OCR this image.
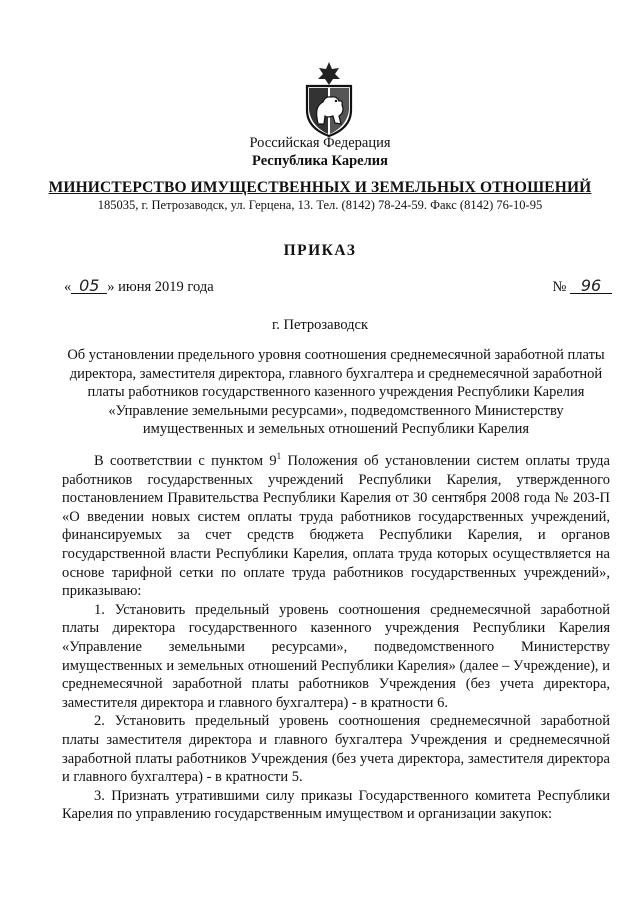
Российская Федерация
Республика Карелия
МИНИСТЕРСТВО ИМУЩЕСТВЕННЫХ И ЗЕМЕЛЬНЫХ ОТНОШЕНИЙ
185035, г. Петрозаводск, ул. Герцена, 13. Тел. (8142) 78-24-59. Факс (8142) 76-10-95
ПРИКАЗ
« 05 » июня 2019 года	№ 96
г. Петрозаводск
Об установлении предельного уровня соотношения среднемесячной заработной платы директора, заместителя директора, главного бухгалтера и среднемесячной заработной платы работников государственного казенного учреждения Республики Карелия «Управление земельными ресурсами», подведомственного Министерству имущественных и земельных отношений Республики Карелия

В соответствии с пунктом $9^1$ Положения об установлении систем оплаты труда работников государственных учреждений Республики Карелия, утвержденного постановлением Правительства Республики Карелия от 30 сентября 2008 года № 203-П «О введении новых систем оплаты труда работников государственных учреждений, финансируемых за счет средств бюджета Республики Карелия, и органов государственной власти Республики Карелия, оплата труда которых осуществляется на основе тарифной сетки по оплате труда работников государственных учреждений», приказываю:

1. Установить предельный уровень соотношения среднемесячной заработной платы директора государственного казенного учреждения Республики Карелия «Управление земельными ресурсами», подведомственного Министерству имущественных и земельных отношений Республики Карелия» (далее – Учреждение), и среднемесячной заработной платы работников Учреждения (без учета директора, заместителя директора и главного бухгалтера) - в кратности 6.

2. Установить предельный уровень соотношения среднемесячной заработной платы заместителя директора и главного бухгалтера Учреждения и среднемесячной заработной платы работников Учреждения (без учета директора, заместителя директора и главного бухгалтера) - в кратности 5.

3. Признать утратившими силу приказы Государственного комитета Республики Карелия по управлению государственным имуществом и организации закупок:
